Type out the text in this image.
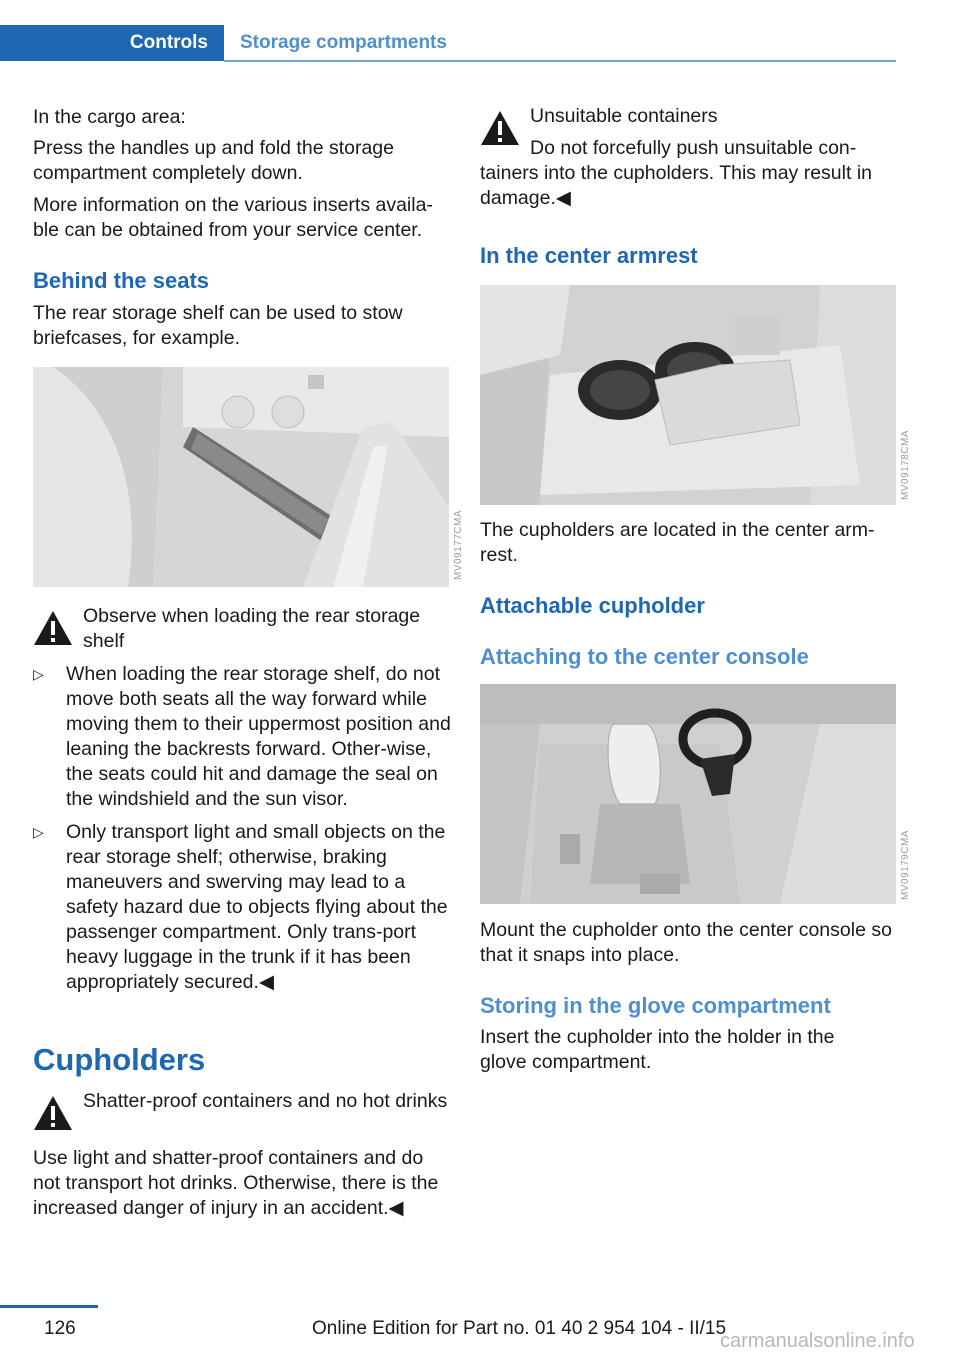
Controls	Storage compartments

In the cargo area:

Press the handles up and fold the storage compartment completely down.

More information on the various inserts availa-ble can be obtained from your service center.

Behind the seats

The rear storage shelf can be used to stow briefcases, for example.

MV09177CMA

Observe when loading the rear storage shelf

▷ When loading the rear storage shelf, do not move both seats all the way forward while moving them to their uppermost position and leaning the backrests forward. Other-wise, the seats could hit and damage the seal on the windshield and the sun visor.
▷ Only transport light and small objects on the rear storage shelf; otherwise, braking maneuvers and swerving may lead to a safety hazard due to objects flying about the passenger compartment. Only trans-port heavy luggage in the trunk if it has been appropriately secured.◀
Cupholders

Shatter-proof containers and no hot drinks

Use light and shatter-proof containers and do not transport hot drinks. Otherwise, there is the increased danger of injury in an accident.◀

Unsuitable containers

Do not forcefully push unsuitable con-tainers into the cupholders. This may result in damage.◀

In the center armrest
MV09178CMA

The cupholders are located in the center arm-rest.

Attachable cupholder
Attaching to the center console
MV09179CMA

Mount the cupholder onto the center console so that it snaps into place.

Storing in the glove compartment

Insert the cupholder into the holder in the glove compartment.

126	Online Edition for Part no. 01 40 2 954 104 - II/15
carmanualsonline.info
